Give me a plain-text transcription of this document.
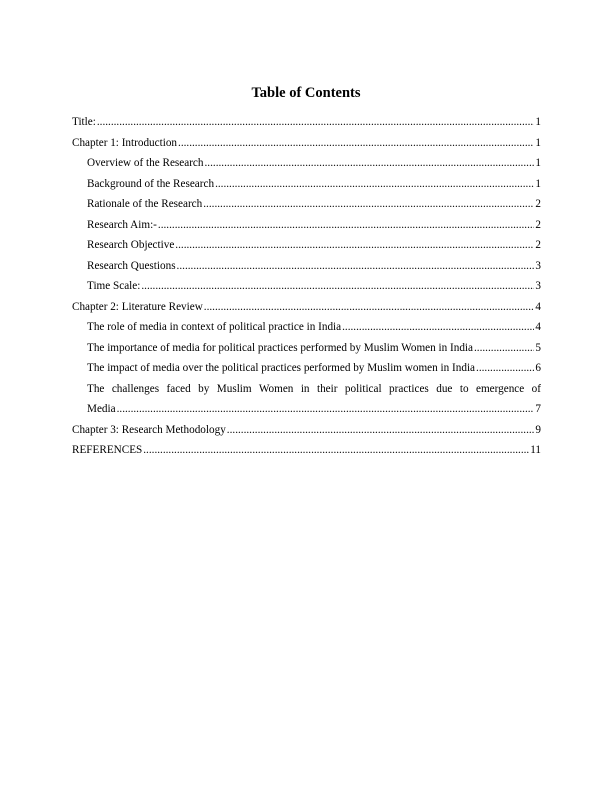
Table of Contents
Title: .....	1
Chapter 1: Introduction .....	1
Overview of the Research .....	1
Background of the Research .....	1
Rationale of the Research .....	2
Research Aim:- .....	2
Research Objective .....	2
Research Questions .....	3
Time Scale: .....	3
Chapter 2: Literature Review .....	4
The role of media in context of political practice in India .....	4
The importance of media for political practices performed by Muslim Women in India .....	5
The impact of media over the political practices performed by Muslim women in India .....	6
The challenges faced by Muslim Women in their political practices due to emergence of
Media .....	7
Chapter 3: Research Methodology .....	9
REFERENCES .....	11
